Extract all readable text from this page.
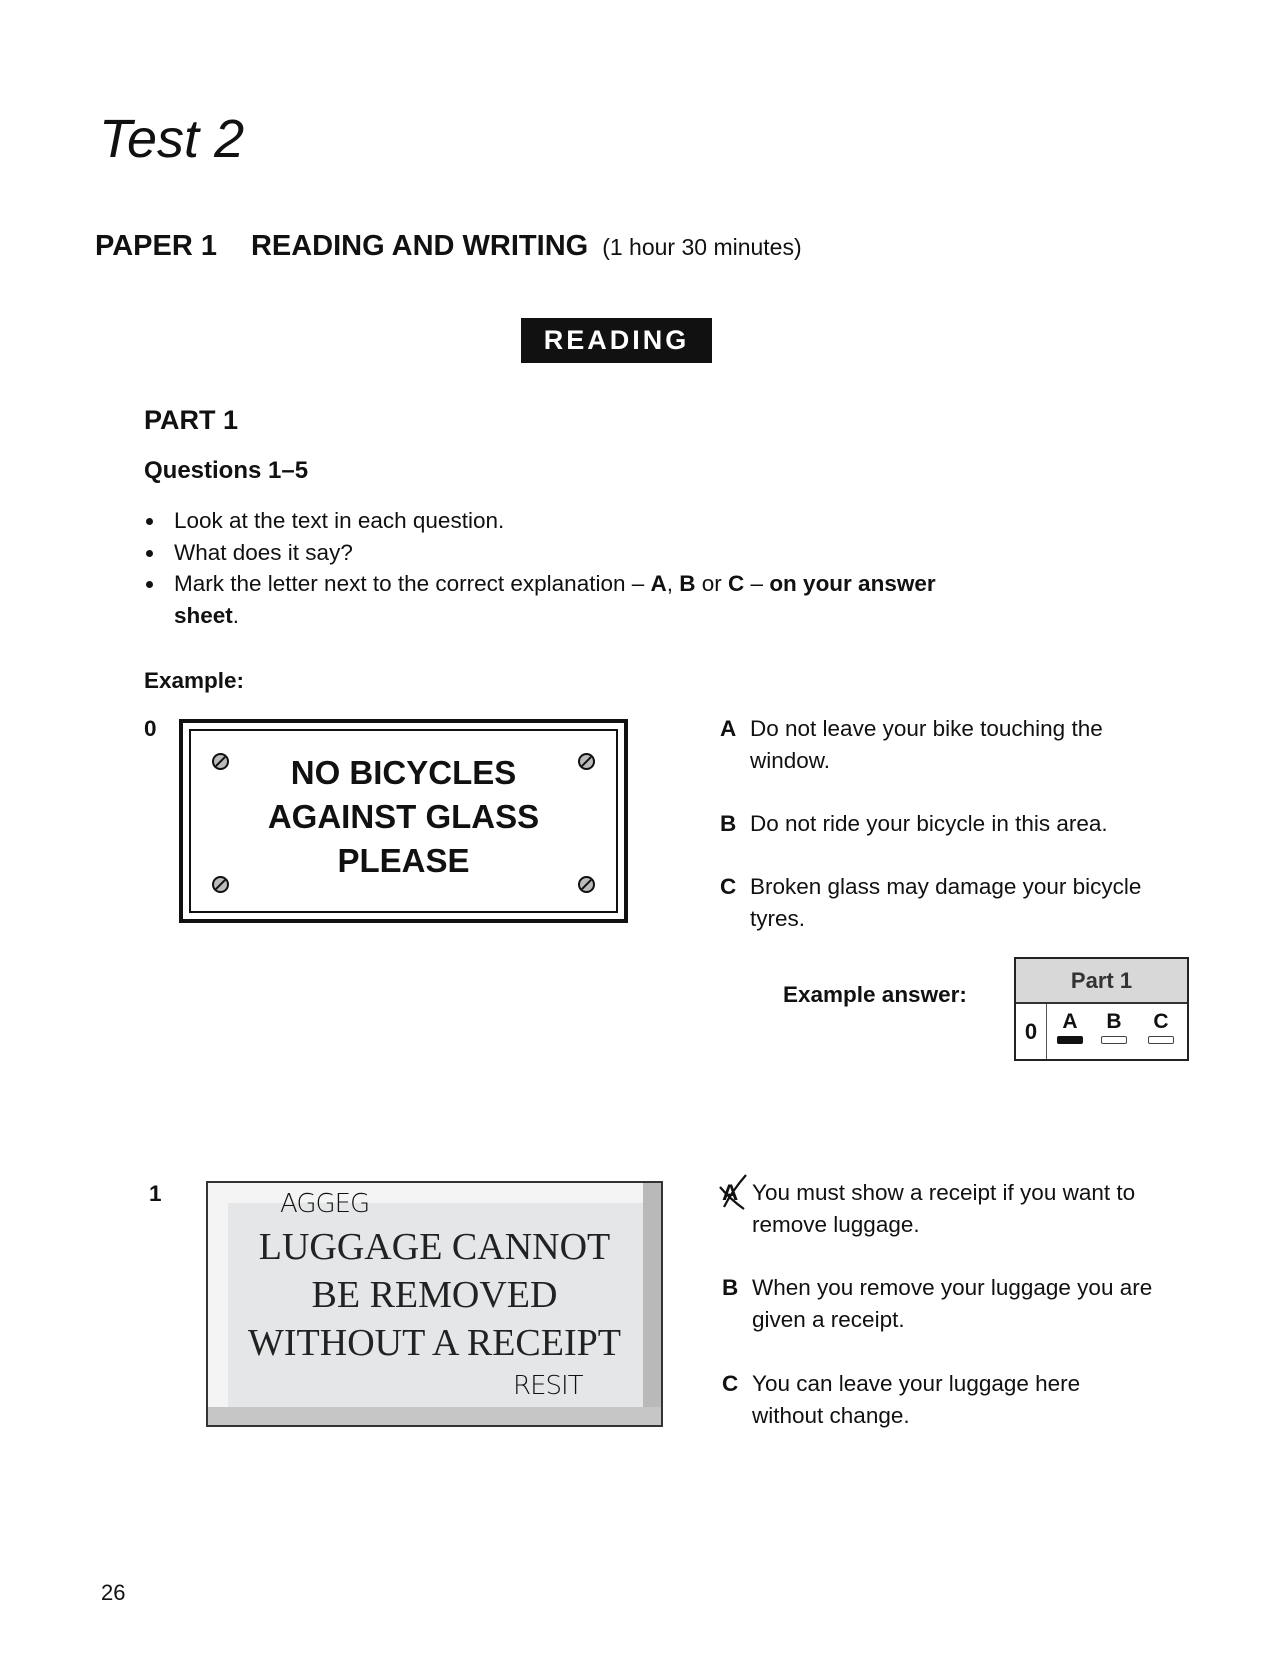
Test 2
PAPER 1 READING AND WRITING (1 hour 30 minutes)
READING
PART 1
Questions 1–5
Look at the text in each question.
What does it say?
Mark the letter next to the correct explanation – A, B or C – on your answer sheet.
Example:
0
NO BICYCLES
AGAINST GLASS
PLEASE
A Do not leave your bike touching the window.
B Do not ride your bicycle in this area.
C Broken glass may damage your bicycle tyres.
Example answer:
Part 1
0	A	B	C
1	AGGEG
LUGGAGE CANNOT
BE REMOVED
WITHOUT A RECEIPT
RESIT
A You must show a receipt if you want to remove luggage.
B When you remove your luggage you are given a receipt.
C You can leave your luggage here without change.
26
